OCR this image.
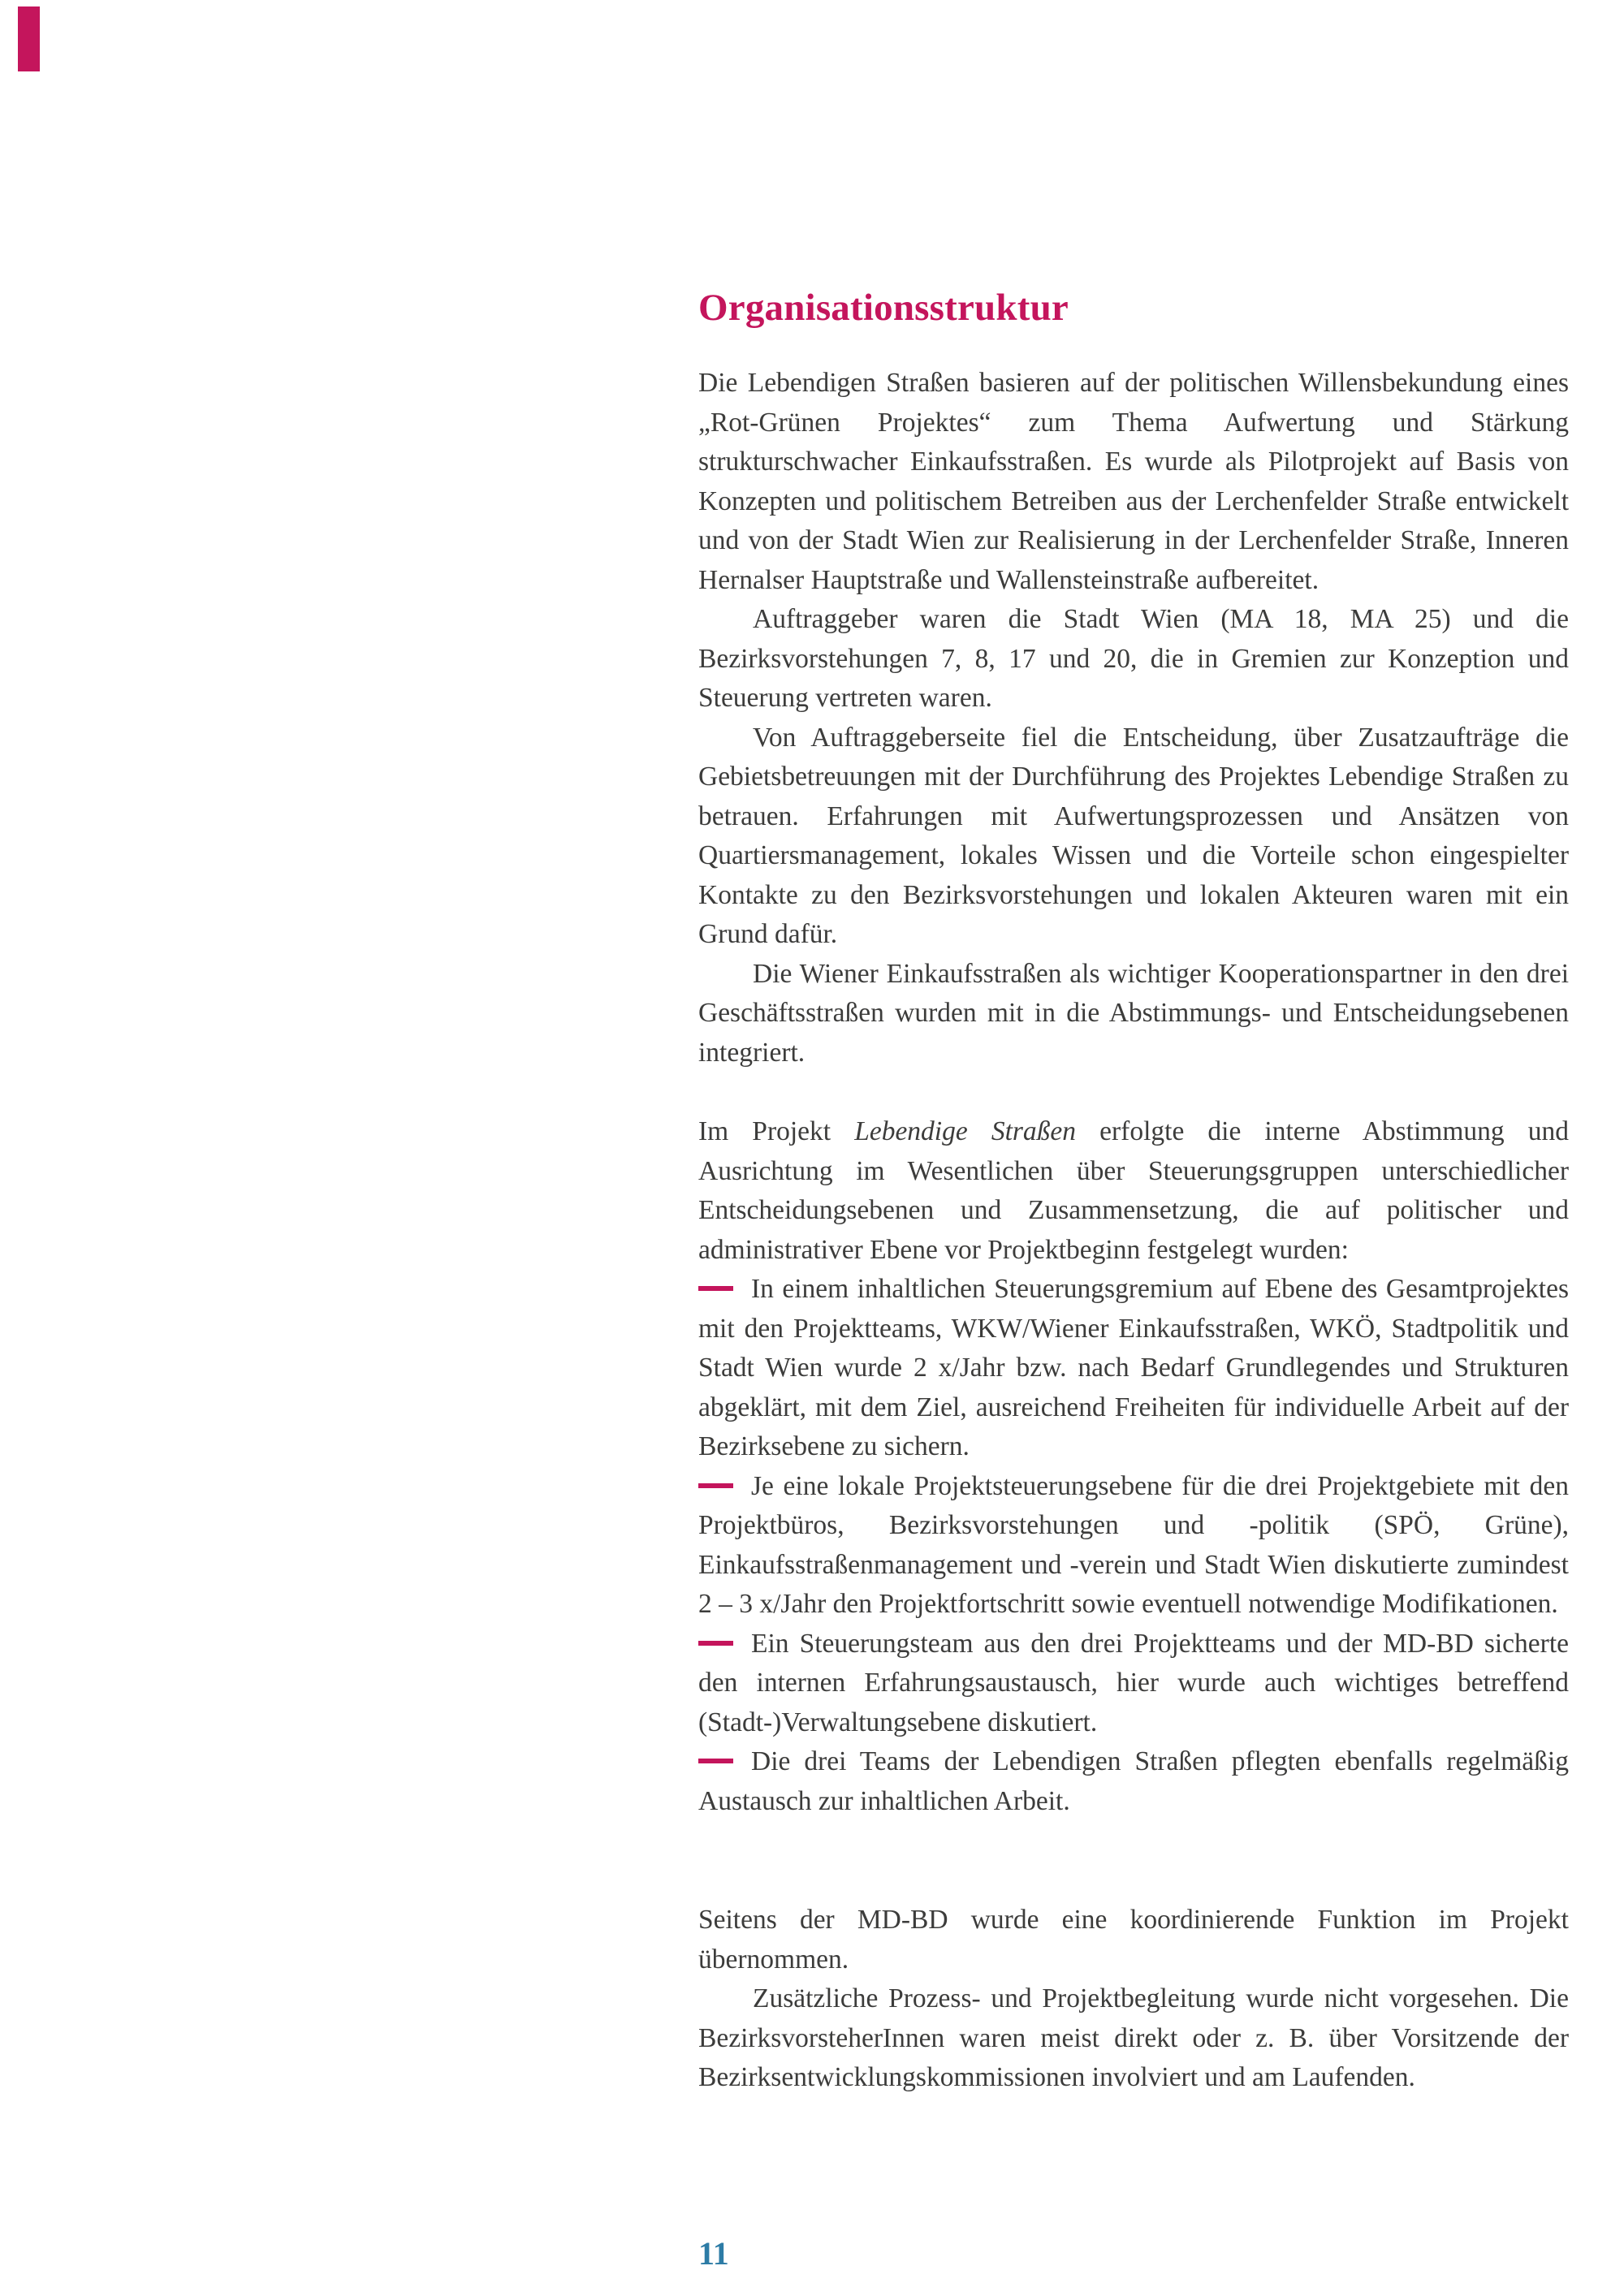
Organisationsstruktur

Die Lebendigen Straßen basieren auf der politischen Willensbekundung eines „Rot-Grünen Projektes“ zum Thema Aufwertung und Stärkung strukturschwacher Einkaufsstraßen. Es wurde als Pilotprojekt auf Basis von Konzepten und politischem Betreiben aus der Lerchenfelder Straße entwickelt und von der Stadt Wien zur Realisierung in der Lerchenfelder Straße, Inneren Hernalser Hauptstraße und Wallensteinstraße aufbereitet.

Auftraggeber waren die Stadt Wien (MA 18, MA 25) und die Bezirksvorstehungen 7, 8, 17 und 20, die in Gremien zur Konzeption und Steuerung vertreten waren.

Von Auftraggeberseite fiel die Entscheidung, über Zusatzaufträge die Gebietsbetreuungen mit der Durchführung des Projektes Lebendige Straßen zu betrauen. Erfahrungen mit Aufwertungsprozessen und Ansätzen von Quartiersmanagement, lokales Wissen und die Vorteile schon eingespielter Kontakte zu den Bezirksvorstehungen und lokalen Akteuren waren mit ein Grund dafür.

Die Wiener Einkaufsstraßen als wichtiger Kooperationspartner in den drei Geschäftsstraßen wurden mit in die Abstimmungs- und Entscheidungsebenen integriert.

Im Projekt Lebendige Straßen erfolgte die interne Abstimmung und Ausrichtung im Wesentlichen über Steuerungsgruppen unterschiedlicher Entscheidungsebenen und Zusammensetzung, die auf politischer und administrativer Ebene vor Projektbeginn festgelegt wurden:

In einem inhaltlichen Steuerungsgremium auf Ebene des Gesamtprojektes mit den Projektteams, WKW/Wiener Einkaufsstraßen, WKÖ, Stadtpolitik und Stadt Wien wurde 2 x/Jahr bzw. nach Bedarf Grundlegendes und Strukturen abgeklärt, mit dem Ziel, ausreichend Freiheiten für individuelle Arbeit auf der Bezirksebene zu sichern.

Je eine lokale Projektsteuerungsebene für die drei Projektgebiete mit den Projektbüros, Bezirksvorstehungen und -politik (SPÖ, Grüne), Einkaufsstraßenmanagement und -verein und Stadt Wien diskutierte zumindest 2 – 3 x/Jahr den Projektfortschritt sowie eventuell notwendige Modifikationen.

Ein Steuerungsteam aus den drei Projektteams und der MD-BD sicherte den internen Erfahrungsaustausch, hier wurde auch wichtiges betreffend (Stadt-)Verwaltungsebene diskutiert.

Die drei Teams der Lebendigen Straßen pflegten ebenfalls regelmäßig Austausch zur inhaltlichen Arbeit.

Seitens der MD-BD wurde eine koordinierende Funktion im Projekt übernommen.

Zusätzliche Prozess- und Projektbegleitung wurde nicht vorgesehen. Die BezirksvorsteherInnen waren meist direkt oder z. B. über Vorsitzende der Bezirksentwicklungskommissionen involviert und am Laufenden.

11
